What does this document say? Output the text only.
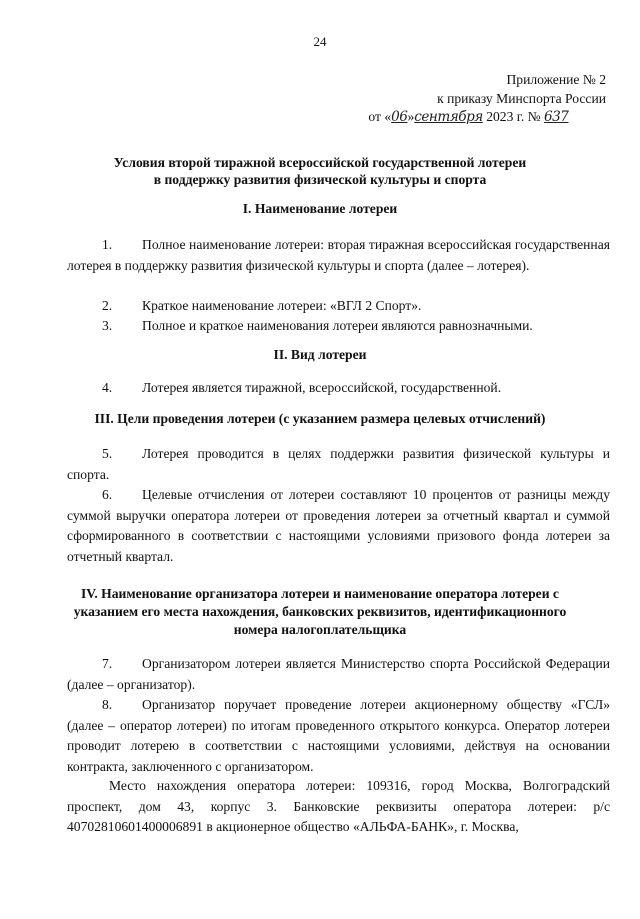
24
Приложение № 2
к приказу Минспорта России
от «06»сентября 2023 г. № 637
Условия второй тиражной всероссийской государственной лотереи
в поддержку развития физической культуры и спорта
I. Наименование лотереи
1. Полное наименование лотереи: вторая тиражная всероссийская государственная лотерея в поддержку развития физической культуры и спорта (далее – лотерея).
2. Краткое наименование лотереи: «ВГЛ 2 Спорт».
3. Полное и краткое наименования лотереи являются равнозначными.
II. Вид лотереи
4. Лотерея является тиражной, всероссийской, государственной.
III. Цели проведения лотереи (с указанием размера целевых отчислений)
5. Лотерея проводится в целях поддержки развития физической культуры и спорта.
6. Целевые отчисления от лотереи составляют 10 процентов от разницы между суммой выручки оператора лотереи от проведения лотереи за отчетный квартал и суммой сформированного в соответствии с настоящими условиями призового фонда лотереи за отчетный квартал.
IV. Наименование организатора лотереи и наименование оператора лотереи с
указанием его места нахождения, банковских реквизитов, идентификационного
номера налогоплательщика
7. Организатором лотереи является Министерство спорта Российской Федерации (далее – организатор).
8. Организатор поручает проведение лотереи акционерному обществу «ГСЛ» (далее – оператор лотереи) по итогам проведенного открытого конкурса. Оператор лотереи проводит лотерею в соответствии с настоящими условиями, действуя на основании контракта, заключенного с организатором.
Место нахождения оператора лотереи: 109316, город Москва, Волгоградский проспект, дом 43, корпус 3. Банковские реквизиты оператора лотереи: р/с 40702810601400006891 в акционерное общество «АЛЬФА-БАНК», г. Москва,
